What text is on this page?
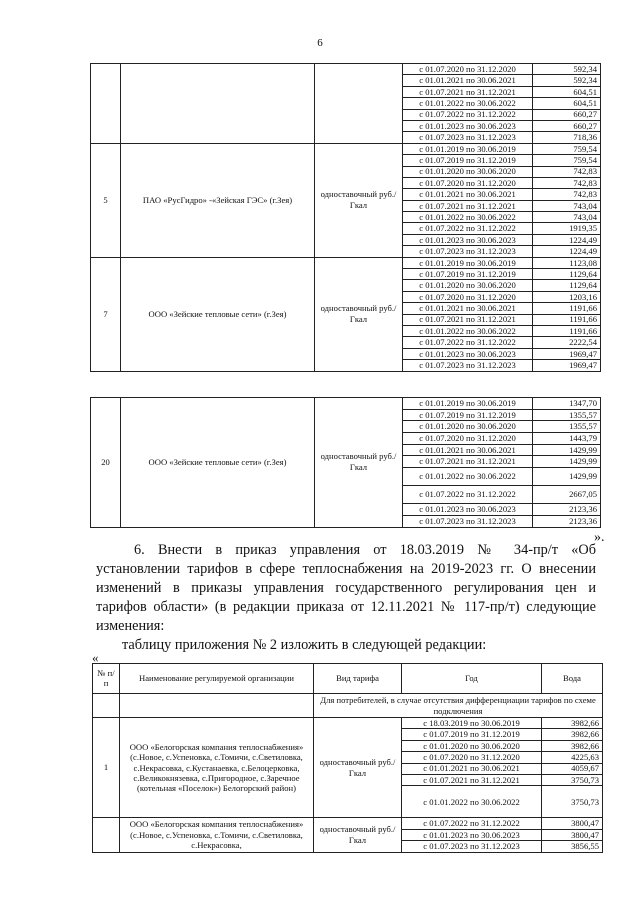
6
			с 01.07.2020 по 31.12.2020	592,34
			с 01.01.2021 по 30.06.2021	592,34
			с 01.07.2021 по 31.12.2021	604,51
			с 01.01.2022 по 30.06.2022	604,51
			с 01.07.2022 по 31.12.2022	660,27
			с 01.01.2023 по 30.06.2023	660,27
			с 01.07.2023 по 31.12.2023	718,36
5	ПАО «РусГидро» -«Зейская ГЭС» (г.Зея)	одноставочный руб./Гкал	с 01.01.2019 по 30.06.2019	759,54
			с 01.07.2019 по 31.12.2019	759,54
			с 01.01.2020 по 30.06.2020	742,83
			с 01.07.2020 по 31.12.2020	742,83
			с 01.01.2021 по 30.06.2021	742,83
			с 01.07.2021 по 31.12.2021	743,04
			с 01.01.2022 по 30.06.2022	743,04
			с 01.07.2022 по 31.12.2022	1919,35
			с 01.01.2023 по 30.06.2023	1224,49
			с 01.07.2023 по 31.12.2023	1224,49
7	ООО «Зейские тепловые сети» (г.Зея)	одноставочный руб./Гкал	с 01.01.2019 по 30.06.2019	1123,08
			с 01.07.2019 по 31.12.2019	1129,64
			с 01.01.2020 по 30.06.2020	1129,64
			с 01.07.2020 по 31.12.2020	1203,16
			с 01.01.2021 по 30.06.2021	1191,66
			с 01.07.2021 по 31.12.2021	1191,66
			с 01.01.2022 по 30.06.2022	1191,66
			с 01.07.2022 по 31.12.2022	2222,54
			с 01.01.2023 по 30.06.2023	1969,47
			с 01.07.2023 по 31.12.2023	1969,47
20	ООО «Зейские тепловые сети» (г.Зея)	одноставочный руб./Гкал	с 01.01.2019 по 30.06.2019	1347,70
			с 01.07.2019 по 31.12.2019	1355,57
			с 01.01.2020 по 30.06.2020	1355,57
			с 01.07.2020 по 31.12.2020	1443,79
			с 01.01.2021 по 30.06.2021	1429,99
			с 01.07.2021 по 31.12.2021	1429,99
			с 01.01.2022 по 30.06.2022	1429,99
			с 01.07.2022 по 31.12.2022	2667,05
			с 01.01.2023 по 30.06.2023	2123,36
			с 01.07.2023 по 31.12.2023	2123,36
».
6. Внести в приказ управления от 18.03.2019 № 34-пр/т «Об
установлении тарифов в сфере теплоснабжения на 2019-2023 гг. О внесении
изменений в приказы управления государственного регулирования цен и
тарифов области» (в редакции приказа от 12.11.2021 № 117-пр/т) следующие
изменения:
таблицу приложения № 2 изложить в следующей редакции:
«
№ п/п	Наименование регулируемой организации	Вид тарифа	Год	Вода
		Для потребителей, в случае отсутствия дифференциации тарифов по схеме подключения		
1	ООО «Белогорская компания теплоснабжения» (с.Новое, с.Успеновка, с.Томичи, с.Светиловка, с.Некрасовка, с.Кустанаевка, с.Белоцерковка, с.Великокнязевка, с.Пригородное, с.Заречное (котельная «Поселок») Белогорский район)	одноставочный руб./Гкал	с 18.03.2019 по 30.06.2019	3982,66
			с 01.07.2019 по 31.12.2019	3982,66
			с 01.01.2020 по 30.06.2020	3982,66
			с 01.07.2020 по 31.12.2020	4225,63
			с 01.01.2021 по 30.06.2021	4059,67
			с 01.07.2021 по 31.12.2021	3750,73
			с 01.01.2022 по 30.06.2022	3750,73
	ООО «Белогорская компания теплоснабжения» (с.Новое, с.Успеновка, с.Томичи, с.Светиловка, с.Некрасовка,	одноставочный руб./Гкал	с 01.07.2022 по 31.12.2022	3800,47
			с 01.01.2023 по 30.06.2023	3800,47
			с 01.07.2023 по 31.12.2023	3856,55
